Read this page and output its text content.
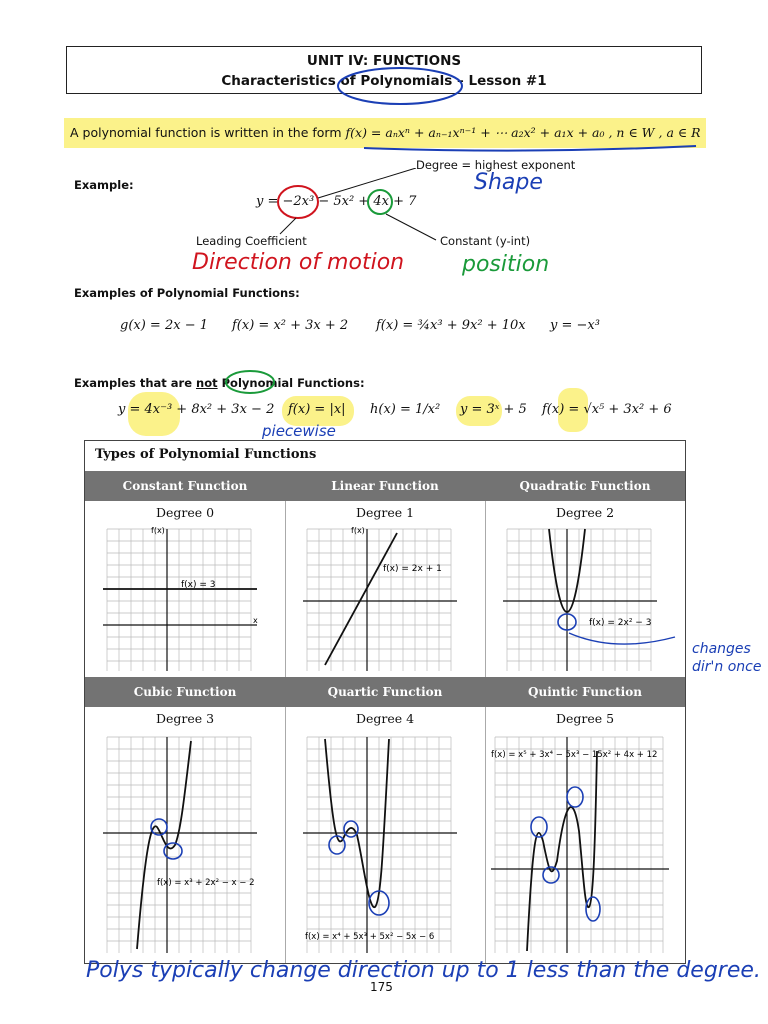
UNIT IV: FUNCTIONS
Characteristics of Polynomials – Lesson #1
A polynomial function is written in the form f(x) = aₙxⁿ + aₙ₋₁xⁿ⁻¹ + ⋯ a₂x² + a₁x + a₀ , n ∈ W , a ∈ R
Example:
Degree = highest exponent
Shape
y = −2x³ − 5x² + 4x + 7
Leading Coefficient	Constant (y-int)
Direction of motion	position
Examples of Polynomial Functions:
g(x) = 2x − 1 f(x) = x² + 3x + 2 f(x) = ¾x³ + 9x² + 10x y = −x³
Examples that are not Polynomial Functions:
y = 4x⁻³ + 8x² + 3x − 2 f(x) = |x| h(x) = 1/x² y = 3ˣ + 5 f(x) = √x⁵ + 3x² + 6
piecewise
Types of Polynomial Functions
Constant Function
Degree 0
f(x) = 3
f(x)
x
Linear Function
Degree 1
f(x) = 2x + 1
f(x)
Quadratic Function
Degree 2
f(x) = 2x² − 3
Cubic Function
Degree 3
f(x) = x³ + 2x² − x − 2
Quartic Function
Degree 4
f(x) = x⁴ + 5x³ + 5x² − 5x − 6
Quintic Function
Degree 5
f(x) = x⁵ + 3x⁴ − 5x³ − 15x² + 4x + 12
changes dir'n once
Polys typically change direction up to 1 less than the degree.
175
